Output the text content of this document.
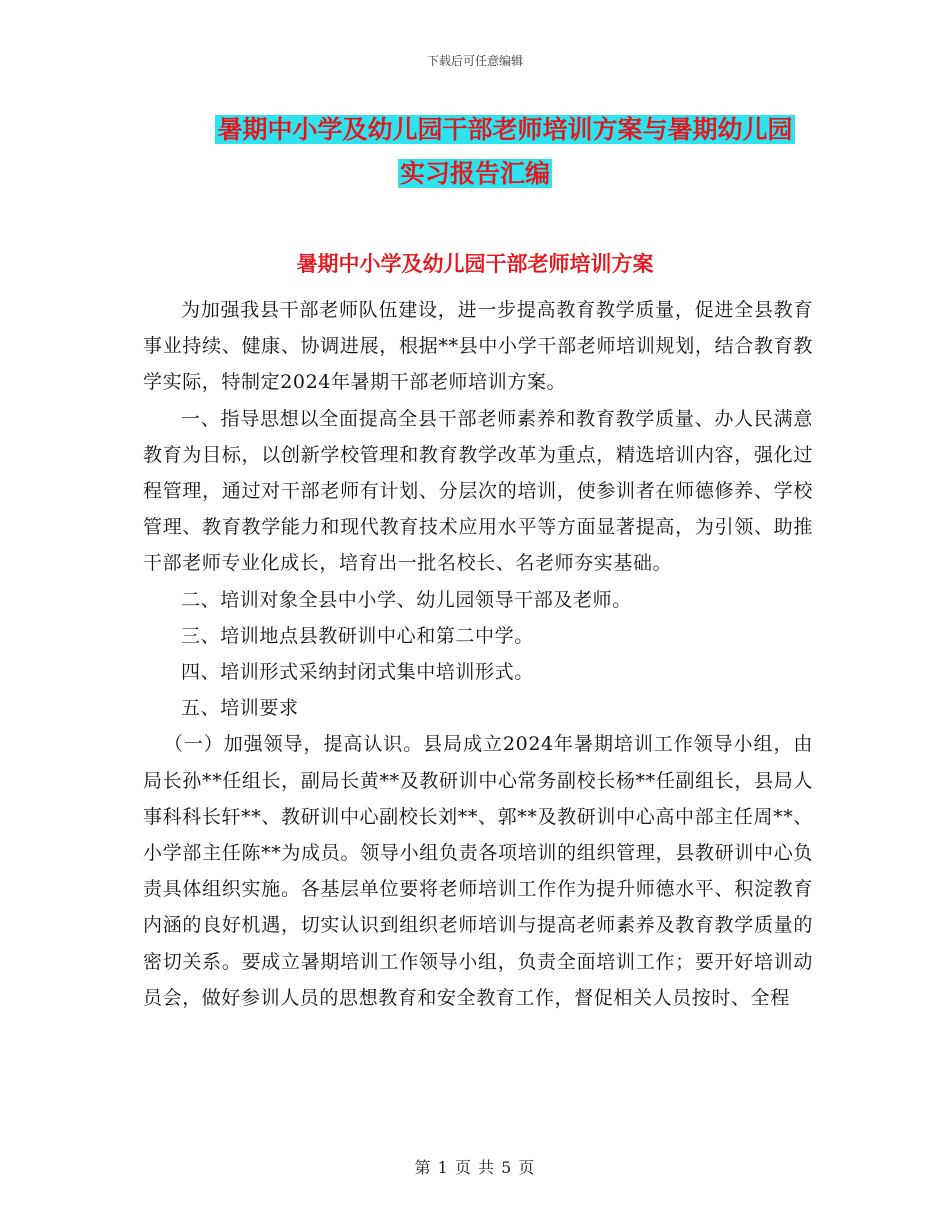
下载后可任意编辑
暑期中小学及幼儿园干部老师培训方案与暑期幼儿园
实习报告汇编
暑期中小学及幼儿园干部老师培训方案

为加强我县干部老师队伍建设，进一步提高教育教学质量，促进全县教育事业持续、健康、协调进展，根据**县中小学干部老师培训规划，结合教育教学实际，特制定2024年暑期干部老师培训方案。

一、指导思想以全面提高全县干部老师素养和教育教学质量、办人民满意教育为目标，以创新学校管理和教育教学改革为重点，精选培训内容，强化过程管理，通过对干部老师有计划、分层次的培训，使参训者在师德修养、学校管理、教育教学能力和现代教育技术应用水平等方面显著提高，为引领、助推干部老师专业化成长，培育出一批名校长、名老师夯实基础。

二、培训对象全县中小学、幼儿园领导干部及老师。

三、培训地点县教研训中心和第二中学。

四、培训形式采纳封闭式集中培训形式。

五、培训要求

（一）加强领导，提高认识。县局成立2024年暑期培训工作领导小组，由局长孙**任组长，副局长黄**及教研训中心常务副校长杨**任副组长，县局人事科科长轩**、教研训中心副校长刘**、郭**及教研训中心高中部主任周**、小学部主任陈**为成员。领导小组负责各项培训的组织管理，县教研训中心负责具体组织实施。各基层单位要将老师培训工作作为提升师德水平、积淀教育内涵的良好机遇，切实认识到组织老师培训与提高老师素养及教育教学质量的密切关系。要成立暑期培训工作领导小组，负责全面培训工作；要开好培训动员会，做好参训人员的思想教育和安全教育工作，督促相关人员按时、全程

第 1 页 共 5 页
